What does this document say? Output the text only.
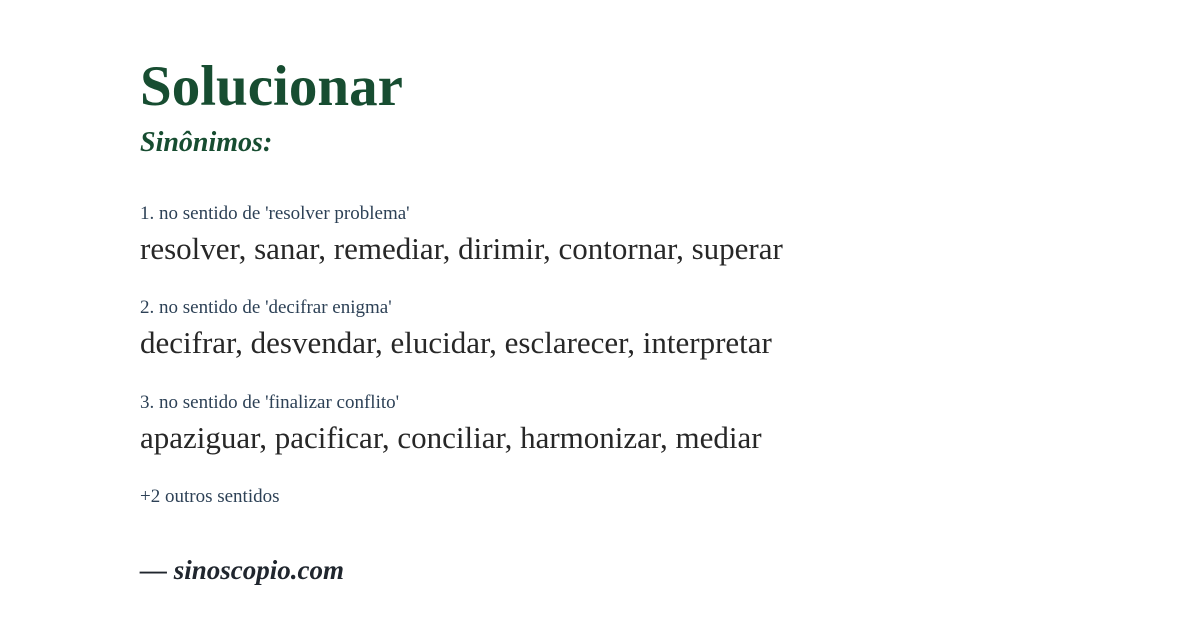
Solucionar
Sinônimos:
1. no sentido de 'resolver problema'
resolver, sanar, remediar, dirimir, contornar, superar
2. no sentido de 'decifrar enigma'
decifrar, desvendar, elucidar, esclarecer, interpretar
3. no sentido de 'finalizar conflito'
apaziguar, pacificar, conciliar, harmonizar, mediar
+2 outros sentidos
— sinoscopio.com
